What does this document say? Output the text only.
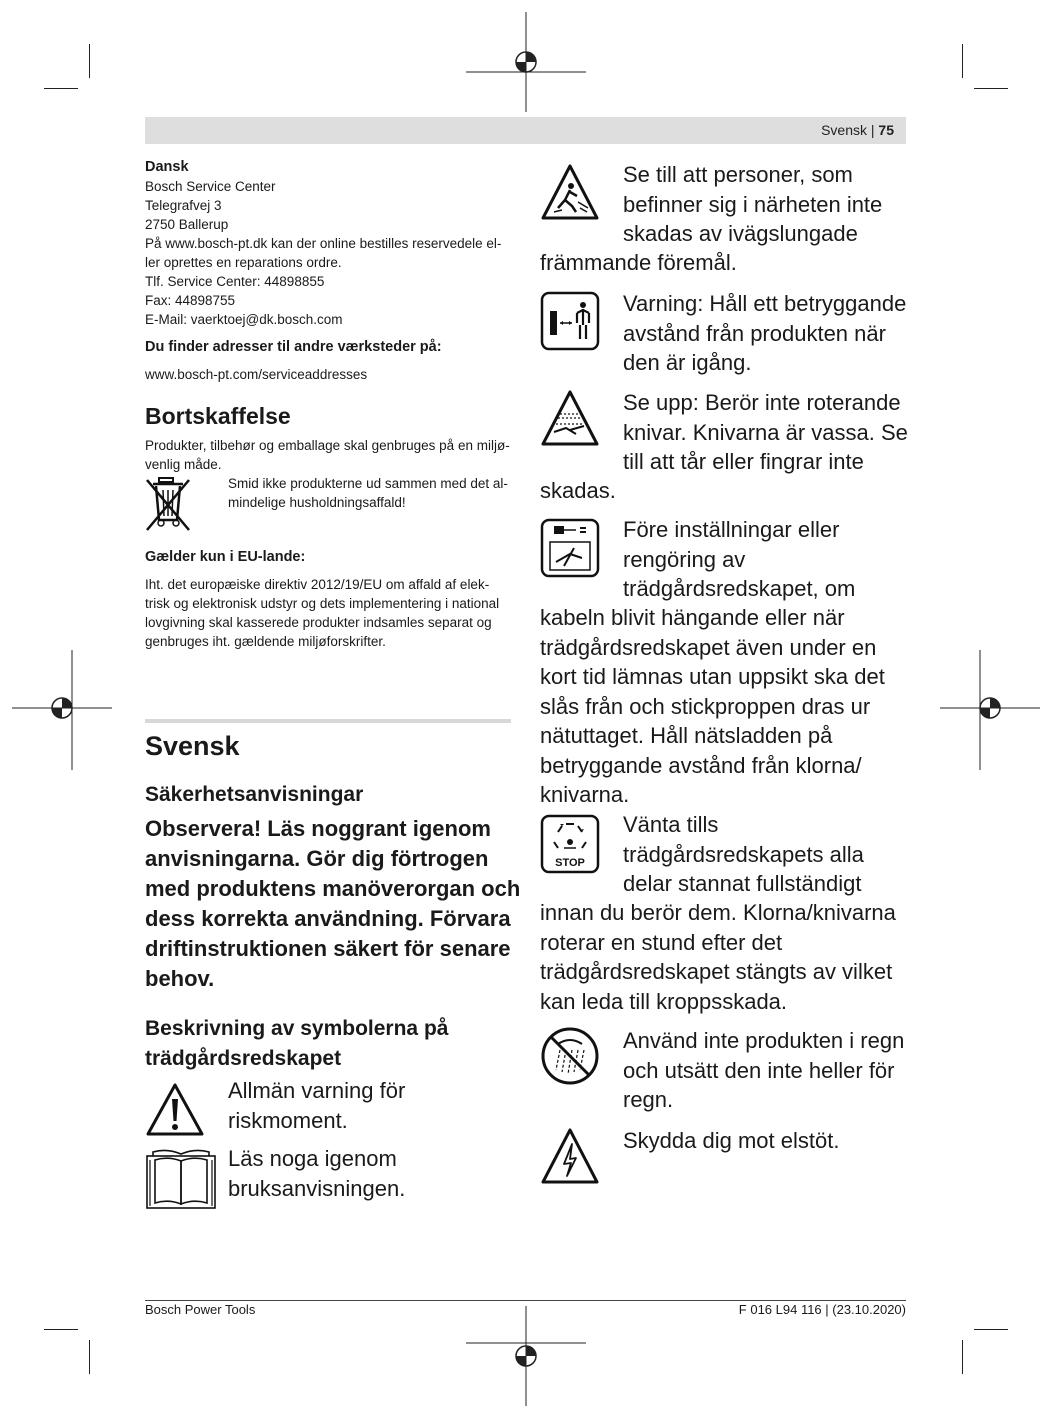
Svensk | 75
Dansk
Bosch Service Center
Telegrafvej 3
2750 Ballerup
På www.bosch-pt.dk kan der online bestilles reservedele el-
ler oprettes en reparations ordre.
Tlf. Service Center: 44898855
Fax: 44898755
E-Mail: vaerktoej@dk.bosch.com
Du finder adresser til andre værksteder på:
www.bosch-pt.com/serviceaddresses
Bortskaffelse
Produkter, tilbehør og emballage skal genbruges på en miljø-
venlig måde.
Smid ikke produkterne ud sammen med det al-
mindelige husholdningsaffald!
Gælder kun i EU-lande:
Iht. det europæiske direktiv 2012/19/EU om affald af elek-
trisk og elektronisk udstyr og dets implementering i national
lovgivning skal kasserede produkter indsamles separat og
genbruges iht. gældende miljøforskrifter.
Svensk
Säkerhetsanvisningar
Observera! Läs noggrant igenom
anvisningarna. Gör dig förtrogen
med produktens manöverorgan och
dess korrekta användning. Förvara
driftinstruktionen säkert för senare
behov.
Beskrivning av symbolerna på
trädgårdsredskapet
Allmän varning för
riskmoment.
Läs noga igenom
bruksanvisningen.
Se till att personer, som
befinner sig i närheten inte
skadas av ivägslungade
främmande föremål.
Varning: Håll ett betryggande
avstånd från produkten när
den är igång.
Se upp: Berör inte roterande
knivar. Knivarna är vassa. Se
till att tår eller fingrar inte
skadas.
Före inställningar eller
rengöring av
trädgårdsredskapet, om
kabeln blivit hängande eller när
trädgårdsredskapet även under en
kort tid lämnas utan uppsikt ska det
slås från och stickproppen dras ur
nätuttaget. Håll nätsladden på
betryggande avstånd från klorna/
knivarna.
STOP
Vänta tills
trädgårdsredskapets alla
delar stannat fullständigt
innan du berör dem. Klorna/knivarna
roterar en stund efter det
trädgårdsredskapet stängts av vilket
kan leda till kroppsskada.
Använd inte produkten i regn
och utsätt den inte heller för
regn.
Skydda dig mot elstöt.
Bosch Power Tools	F 016 L94 116 | (23.10.2020)
